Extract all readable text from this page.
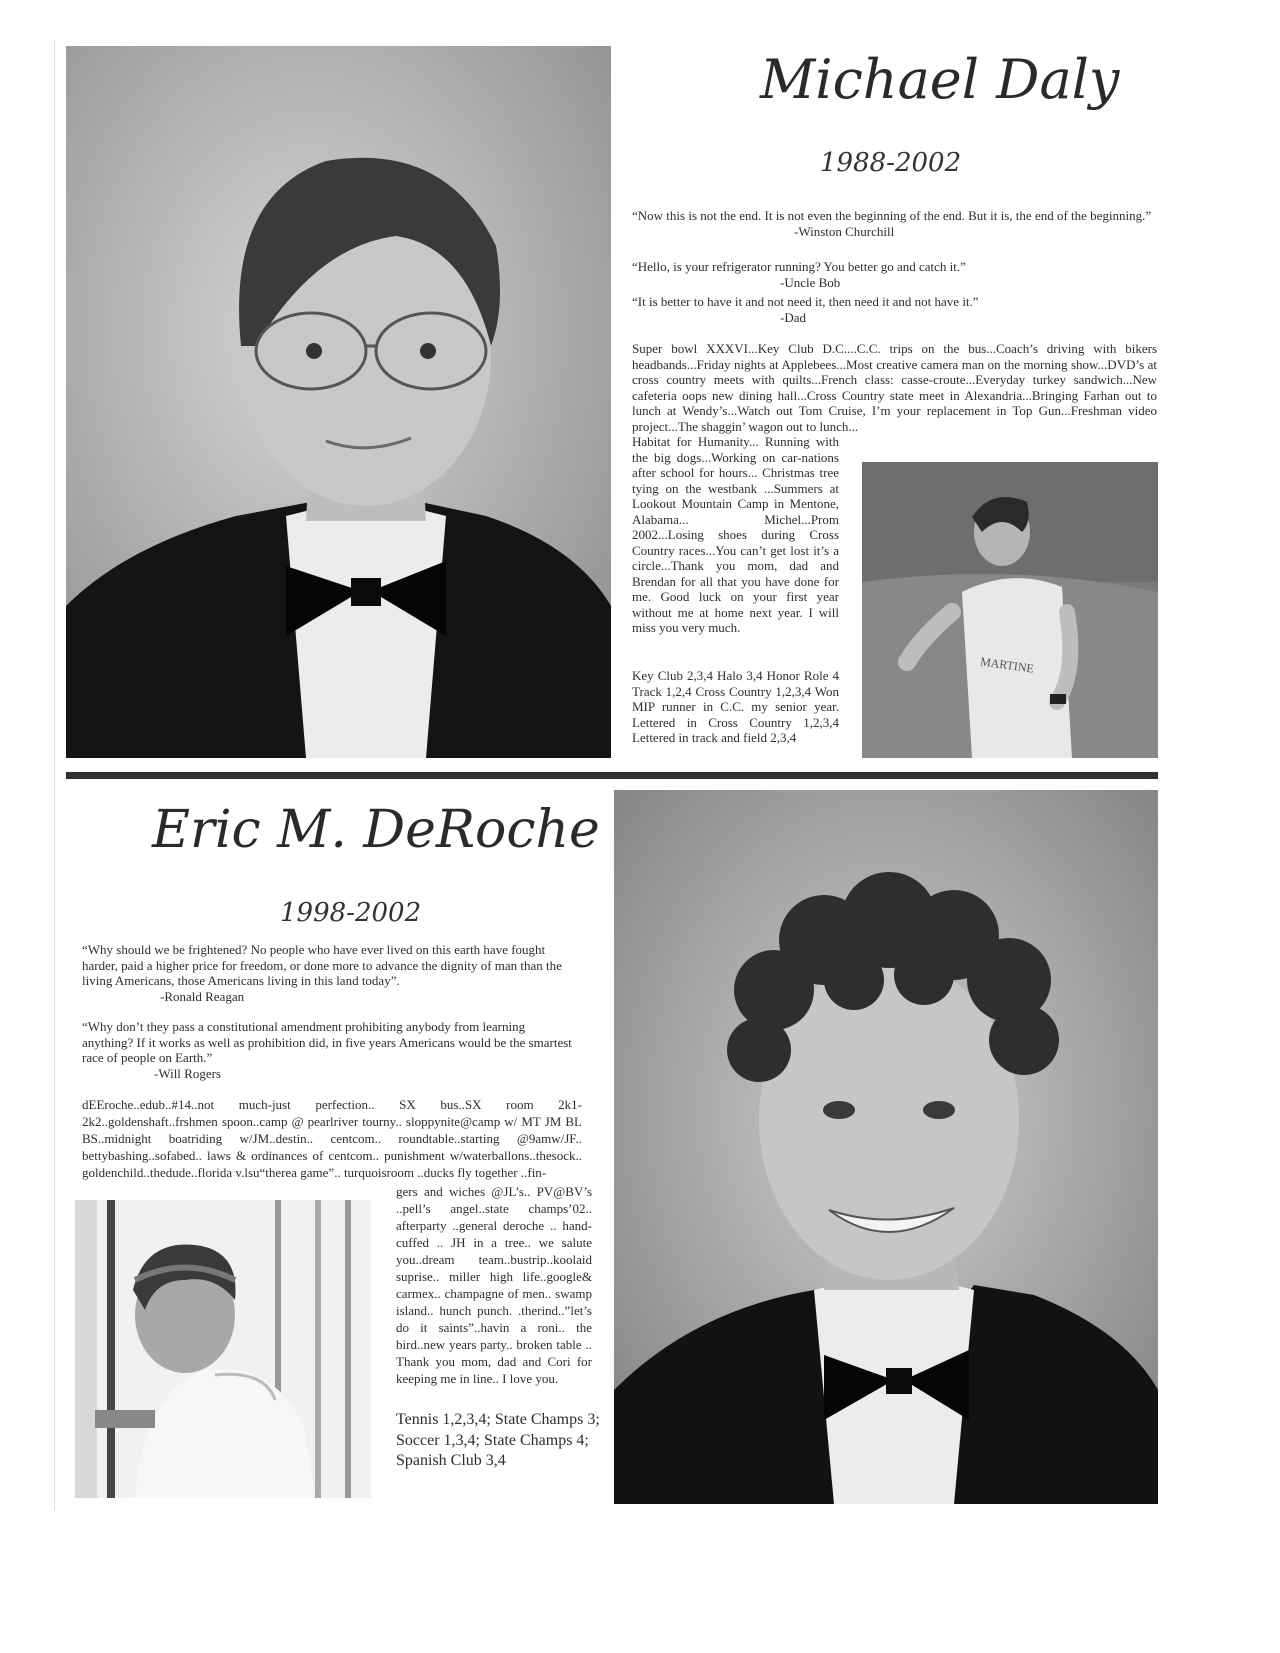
Michael Daly
1988-2002

“Now this is not the end. It is not even the beginning of the end. But it is, the end of the beginning.”

-Winston Churchill

“Hello, is your refrigerator running? You better go and catch it.”

-Uncle Bob

“It is better to have it and not need it, then need it and not have it.”

-Dad

Super bowl XXXVI...Key Club D.C....C.C. trips on the bus...Coach’s driving with bikers headbands...Friday nights at Applebees...Most creative camera man on the morning show...DVD’s at cross country meets with quilts...French class: casse-croute...Everyday turkey sandwich...New cafeteria oops new dining hall...Cross Country state meet in Alexandria...Bringing Farhan out to lunch at Wendy’s...Watch out Tom Cruise, I’m your replacement in Top Gun...Freshman video project...The shaggin’ wagon out to lunch...
Habitat for Humanity... Running with the big dogs...Working on car-nations after school for hours... Christmas tree tying on the westbank ...Summers at Lookout Mountain Camp in Mentone, Alabama... Michel...Prom 2002...Losing shoes during Cross Country races...You can’t get lost it’s a circle...Thank you mom, dad and Brendan for all that you have done for me. Good luck on your first year without me at home next year. I will miss you very much.
Key Club 2,3,4 Halo 3,4 Honor Role 4 Track 1,2,4 Cross Country 1,2,3,4 Won MIP runner in C.C. my senior year. Lettered in Cross Country 1,2,3,4 Lettered in track and field 2,3,4
MARTINE
Eric M. DeRoche
1998-2002

“Why should we be frightened? No people who have ever lived on this earth have fought harder, paid a higher price for freedom, or done more to advance the dignity of man than the living Americans, those Americans living in this land today”.

-Ronald Reagan

“Why don’t they pass a constitutional amendment prohibiting anybody from learning anything? If it works as well as prohibition did, in five years Americans would be the smartest race of people on Earth.”

-Will Rogers

dEEroche..edub..#14..not much-just perfection.. SX bus..SX room 2k1-2k2..goldenshaft..frshmen spoon..camp @ pearlriver tourny.. sloppynite@camp w/ MT JM BL BS..midnight boatriding w/JM..destin.. centcom.. roundtable..starting @9amw/JF.. bettybashing..sofabed.. laws & ordinances of centcom.. punishment w/waterballons..thesock.. goldenchild..thedude..florida v.lsu“therea game”.. turquoisroom ..ducks fly together ..fin-
gers and wiches @JL’s.. PV@BV’s ..pell’s angel..state champs’02.. afterparty ..general deroche .. hand-cuffed .. JH in a tree.. we salute you..dream team..bustrip..koolaid suprise.. miller high life..google& carmex.. champagne of men.. swamp island.. hunch punch. .therind..”let’s do it saints”..havin a roni.. the bird..new years party.. broken table .. Thank you mom, dad and Cori for keeping me in line.. I love you.
Tennis 1,2,3,4; State Champs 3; Soccer 1,3,4; State Champs 4; Spanish Club 3,4
